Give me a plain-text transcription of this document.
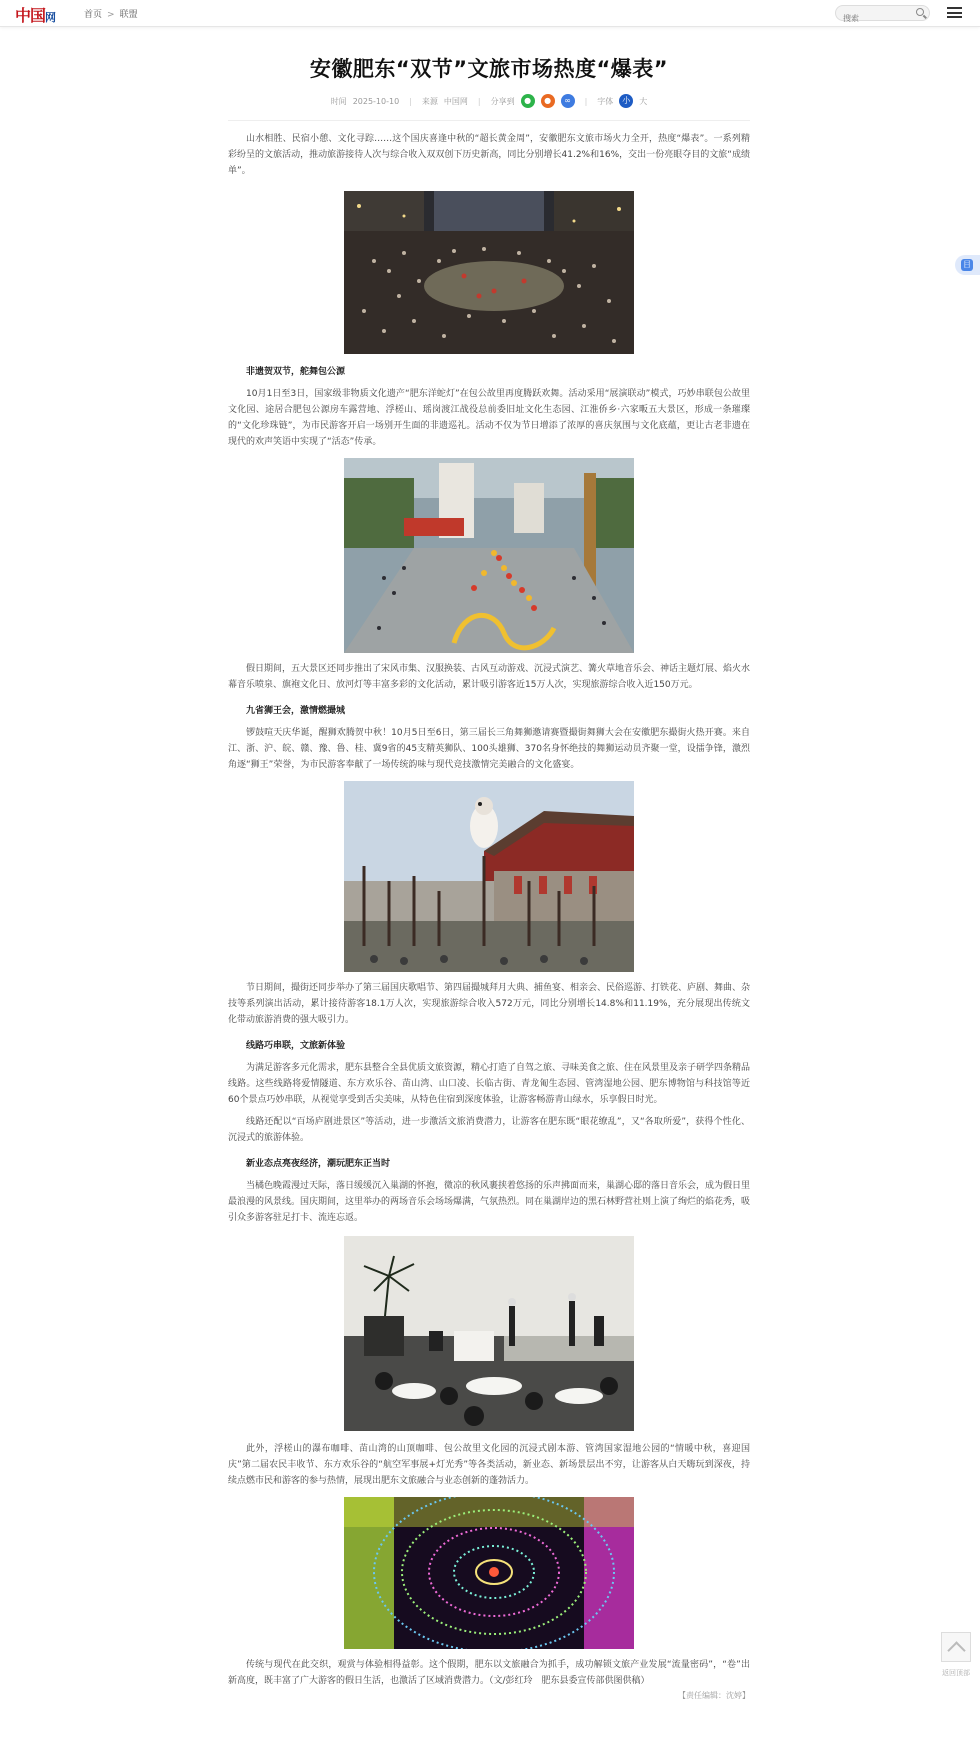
中国网	首页 > 联盟
搜索
安徽肥东“双节”文旅市场热度“爆表”
时间 2025-10-10 | 来源 中国网 | 分享到	●	●	∞	| 字体	小	大

山水相胜、民宿小憩、文化寻踪……这个国庆喜逢中秋的“超长黄金周”，安徽肥东文旅市场火力全开，热度“爆表”。一系列精彩纷呈的文旅活动，推动旅游接待人次与综合收入双双创下历史新高，同比分别增长41.2%和16%，交出一份亮眼夺目的文旅“成绩单”。

非遗贺双节，舵舞包公源

10月1日至3日，国家级非物质文化遗产“肥东洋蛇灯”在包公故里再度腾跃欢舞。活动采用“展演联动”模式，巧妙串联包公故里文化园、途居合肥包公源房车露营地、浮槎山、瑶岗渡江战役总前委旧址文化生态园、江淮侨乡·六家畈五大景区，形成一条璀璨的“文化珍珠链”，为市民游客开启一场别开生面的非遗巡礼。活动不仅为节日增添了浓厚的喜庆氛围与文化底蕴，更让古老非遗在现代的欢声笑语中实现了“活态”传承。

假日期间，五大景区还同步推出了宋风市集、汉服换装、古风互动游戏、沉浸式演艺、篝火草地音乐会、神话主题灯展、焰火水幕音乐喷泉、旗袍文化日、放河灯等丰富多彩的文化活动，累计吸引游客近15万人次，实现旅游综合收入近150万元。

九省狮王会，激情燃撮城

锣鼓喧天庆华诞，醒狮欢腾贺中秋！10月5日至6日，第三届长三角舞狮邀请赛暨撮街舞狮大会在安徽肥东撮街火热开赛。来自江、浙、沪、皖、赣、豫、鲁、桂、冀9省的45支精英狮队、100头雄狮、370名身怀绝技的舞狮运动员齐聚一堂，设擂争锋，激烈角逐“狮王”荣誉，为市民游客奉献了一场传统韵味与现代竞技激情完美融合的文化盛宴。

节日期间，撮街还同步举办了第三届国庆歌唱节、第四届撮城拜月大典、捕鱼宴、相亲会、民俗巡游、打铁花、庐剧、舞曲、杂技等系列演出活动，累计接待游客18.1万人次，实现旅游综合收入572万元，同比分别增长14.8%和11.19%，充分展现出传统文化带动旅游消费的强大吸引力。

线路巧串联，文旅新体验

为满足游客多元化需求，肥东县整合全县优质文旅资源，精心打造了自驾之旅、寻味美食之旅、住在风景里及亲子研学四条精品线路。这些线路将爱情隧道、东方欢乐谷、苗山湾、山口凌、长临古街、青龙匍生态园、管湾湿地公园、肥东博物馆与科技馆等近60个景点巧妙串联，从视觉享受到舌尖美味，从特色住宿到深度体验，让游客畅游青山绿水，乐享假日时光。

线路还配以“百场庐剧进景区”等活动，进一步激活文旅消费潜力，让游客在肥东既“眼花缭乱”，又“各取所爱”，获得个性化、沉浸式的旅游体验。

新业态点亮夜经济，潮玩肥东正当时

当橘色晚霞漫过天际，落日缓缓沉入巢湖的怀抱，微凉的秋风裹挟着悠扬的乐声拂面而来，巢湖心邸的落日音乐会，成为假日里最浪漫的风景线。国庆期间，这里举办的两场音乐会场场爆满，气氛热烈。同在巢湖岸边的黑石林野营社则上演了绚烂的焰花秀，吸引众多游客驻足打卡、流连忘返。

此外，浮槎山的瀑布咖啡、苗山湾的山顶咖啡、包公故里文化园的沉浸式剧本游、管湾国家湿地公园的“情暖中秋，喜迎国庆”第二届农民丰收节、东方欢乐谷的“航空军事展+灯光秀”等各类活动，新业态、新场景层出不穷，让游客从白天嗨玩到深夜，持续点燃市民和游客的参与热情，展现出肥东文旅融合与业态创新的蓬勃活力。

传统与现代在此交织，观赏与体验相得益彰。这个假期，肥东以文旅融合为抓手，成功解锁文旅产业发展“流量密码”，“卷”出新高度，既丰富了广大游客的假日生活，也激活了区域消费潜力。（文/彭红玲　肥东县委宣传部供图供稿）

【责任编辑：沈婷】
目
返回顶部
